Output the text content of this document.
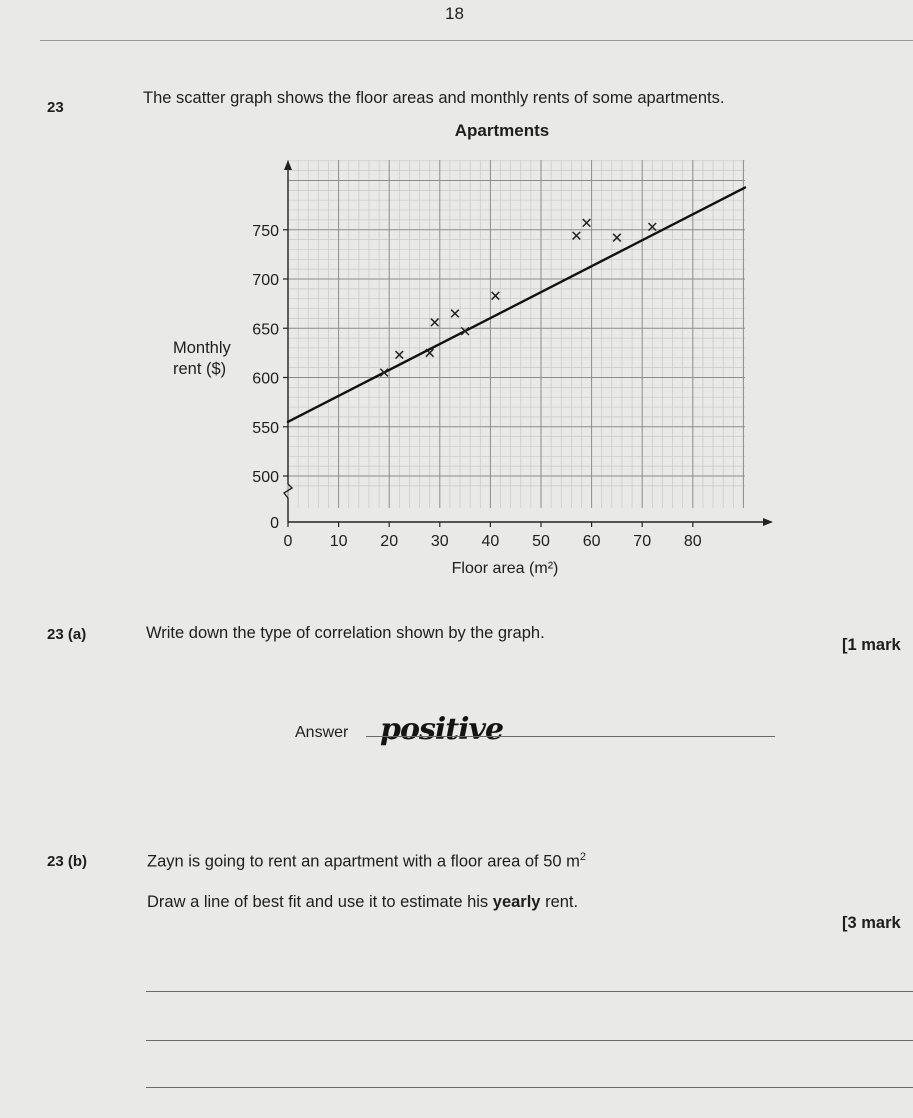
18
23
The scatter graph shows the floor areas and monthly rents of some apartments.
Monthly
rent ($)
0 10 20 30 40 50 60 70 80
500
550
600
650
700
750
0
Apartments
Floor area (m²)
23 (a)	Write down the type of correlation shown by the graph.
[1 mark
Answer positive
23 (b)	Zayn is going to rent an apartment with a floor area of 50 $m^2$
Draw a line of best fit and use it to estimate his yearly rent.
[3 mark
